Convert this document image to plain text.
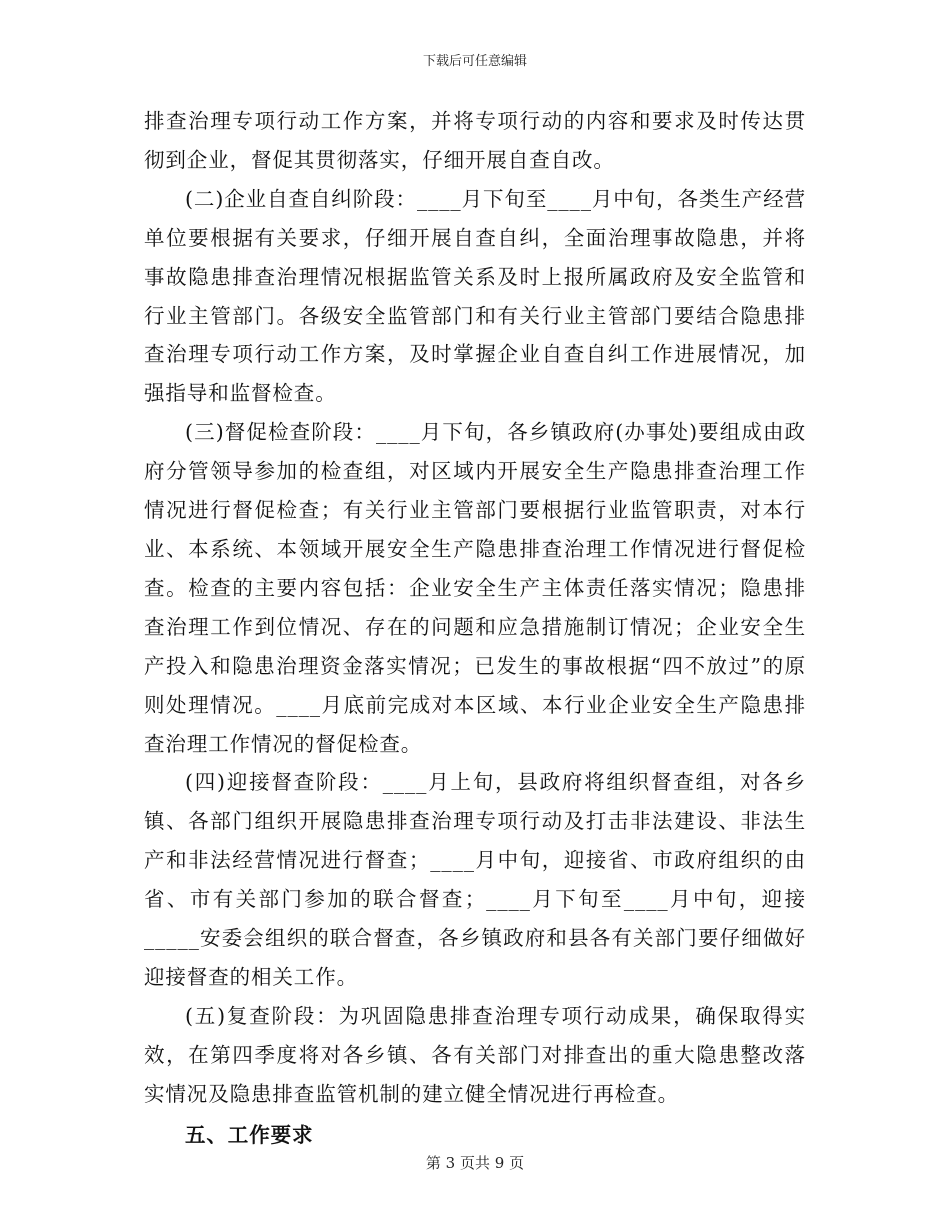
下载后可任意编辑

排查治理专项行动工作方案，并将专项行动的内容和要求及时传达贯彻到企业，督促其贯彻落实，仔细开展自查自改。

(二)企业自查自纠阶段：____月下旬至____月中旬，各类生产经营单位要根据有关要求，仔细开展自查自纠，全面治理事故隐患，并将事故隐患排查治理情况根据监管关系及时上报所属政府及安全监管和行业主管部门。各级安全监管部门和有关行业主管部门要结合隐患排查治理专项行动工作方案，及时掌握企业自查自纠工作进展情况，加强指导和监督检查。

(三)督促检查阶段：____月下旬，各乡镇政府(办事处)要组成由政府分管领导参加的检查组，对区域内开展安全生产隐患排查治理工作情况进行督促检查；有关行业主管部门要根据行业监管职责，对本行业、本系统、本领域开展安全生产隐患排查治理工作情况进行督促检查。检查的主要内容包括：企业安全生产主体责任落实情况；隐患排查治理工作到位情况、存在的问题和应急措施制订情况；企业安全生产投入和隐患治理资金落实情况；已发生的事故根据“四不放过”的原则处理情况。____月底前完成对本区域、本行业企业安全生产隐患排查治理工作情况的督促检查。

(四)迎接督查阶段：____月上旬，县政府将组织督查组，对各乡镇、各部门组织开展隐患排查治理专项行动及打击非法建设、非法生产和非法经营情况进行督查；____月中旬，迎接省、市政府组织的由省、市有关部门参加的联合督查；____月下旬至____月中旬，迎接_____安委会组织的联合督查，各乡镇政府和县各有关部门要仔细做好迎接督查的相关工作。

(五)复查阶段：为巩固隐患排查治理专项行动成果，确保取得实效，在第四季度将对各乡镇、各有关部门对排查出的重大隐患整改落实情况及隐患排查监管机制的建立健全情况进行再检查。

五、工作要求

第 3 页共 9 页
